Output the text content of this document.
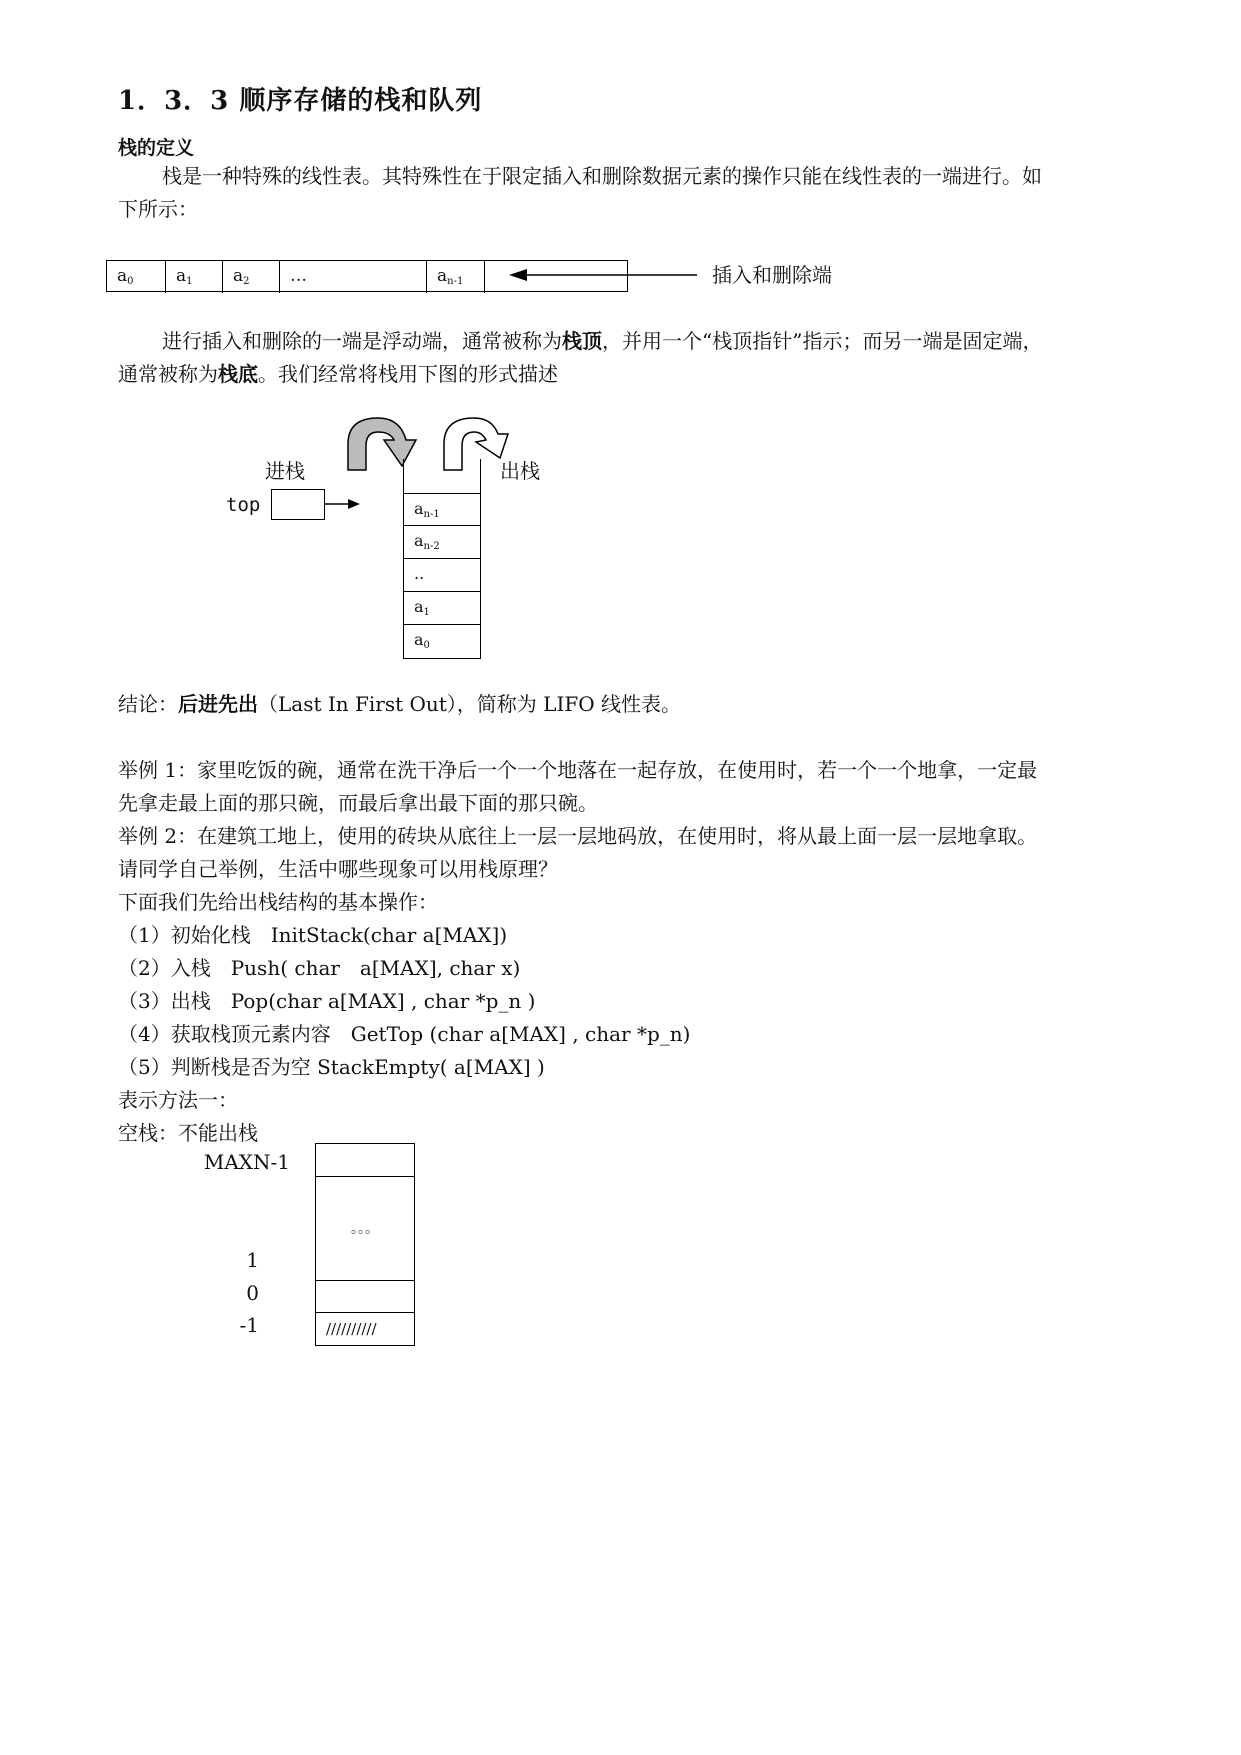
1．3．3 顺序存储的栈和队列
栈的定义
栈是一种特殊的线性表。其特殊性在于限定插入和删除数据元素的操作只能在线性表的一端进行。如
下所示：
$a_0$	$a_1$	$a_2$	…	$a_{n-1}$	插入和删除端
进行插入和删除的一端是浮动端，通常被称为栈顶，并用一个“栈顶指针”指示；而另一端是固定端，
通常被称为栈底。我们经常将栈用下图的形式描述
进栈	出栈
top	$a_{n-1}$
$a_{n-2}$
..
$a_1$
$a_0$
结论：后进先出（Last In First Out），简称为 LIFO 线性表。
举例 1：家里吃饭的碗，通常在洗干净后一个一个地落在一起存放，在使用时，若一个一个地拿，一定最
先拿走最上面的那只碗，而最后拿出最下面的那只碗。
举例 2：在建筑工地上，使用的砖块从底往上一层一层地码放，在使用时，将从最上面一层一层地拿取。
请同学自己举例，生活中哪些现象可以用栈原理？
下面我们先给出栈结构的基本操作：
（1）初始化栈　InitStack(char a[MAX])
（2）入栈　Push( char　a[MAX], char x)
（3）出栈　Pop(char a[MAX] , char *p_n )
（4）获取栈顶元素内容　GetTop (char a[MAX] , char *p_n)
（5）判断栈是否为空 StackEmpty( a[MAX] )
表示方法一：
空栈：不能出栈
MAXN-1
1
0
-1
。。。
//////////
